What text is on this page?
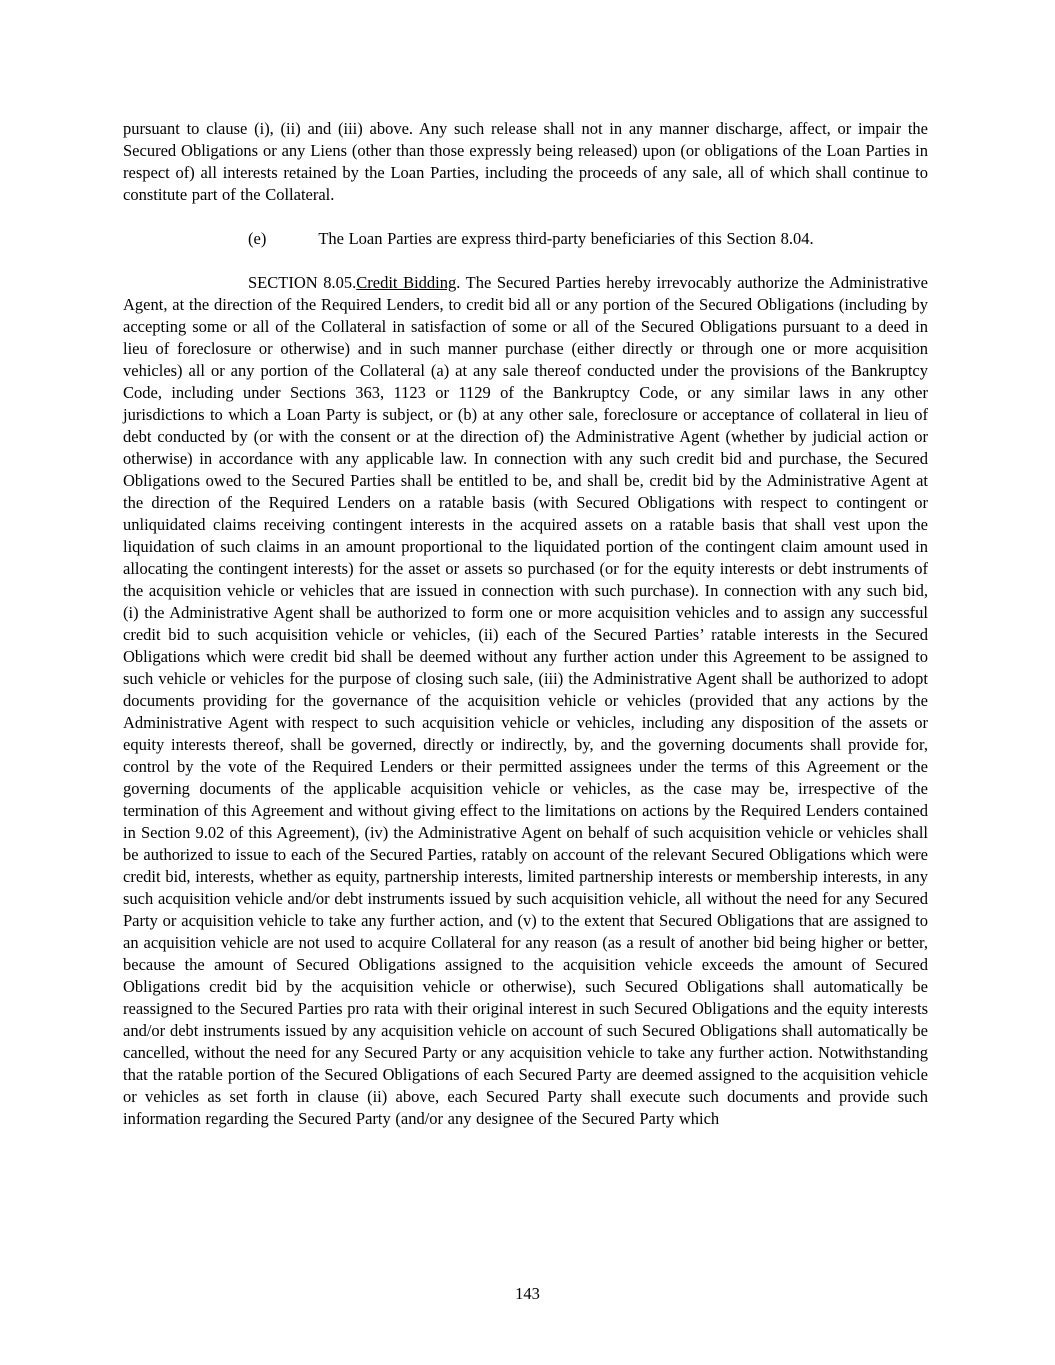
pursuant to clause (i), (ii) and (iii) above. Any such release shall not in any manner discharge, affect, or impair the Secured Obligations or any Liens (other than those expressly being released) upon (or obligations of the Loan Parties in respect of) all interests retained by the Loan Parties, including the proceeds of any sale, all of which shall continue to constitute part of the Collateral.

(e)	The Loan Parties are express third-party beneficiaries of this Section 8.04.

SECTION 8.05.Credit Bidding. The Secured Parties hereby irrevocably authorize the Administrative Agent, at the direction of the Required Lenders, to credit bid all or any portion of the Secured Obligations (including by accepting some or all of the Collateral in satisfaction of some or all of the Secured Obligations pursuant to a deed in lieu of foreclosure or otherwise) and in such manner purchase (either directly or through one or more acquisition vehicles) all or any portion of the Collateral (a) at any sale thereof conducted under the provisions of the Bankruptcy Code, including under Sections 363, 1123 or 1129 of the Bankruptcy Code, or any similar laws in any other jurisdictions to which a Loan Party is subject, or (b) at any other sale, foreclosure or acceptance of collateral in lieu of debt conducted by (or with the consent or at the direction of) the Administrative Agent (whether by judicial action or otherwise) in accordance with any applicable law. In connection with any such credit bid and purchase, the Secured Obligations owed to the Secured Parties shall be entitled to be, and shall be, credit bid by the Administrative Agent at the direction of the Required Lenders on a ratable basis (with Secured Obligations with respect to contingent or unliquidated claims receiving contingent interests in the acquired assets on a ratable basis that shall vest upon the liquidation of such claims in an amount proportional to the liquidated portion of the contingent claim amount used in allocating the contingent interests) for the asset or assets so purchased (or for the equity interests or debt instruments of the acquisition vehicle or vehicles that are issued in connection with such purchase). In connection with any such bid, (i) the Administrative Agent shall be authorized to form one or more acquisition vehicles and to assign any successful credit bid to such acquisition vehicle or vehicles, (ii) each of the Secured Parties’ ratable interests in the Secured Obligations which were credit bid shall be deemed without any further action under this Agreement to be assigned to such vehicle or vehicles for the purpose of closing such sale, (iii) the Administrative Agent shall be authorized to adopt documents providing for the governance of the acquisition vehicle or vehicles (provided that any actions by the Administrative Agent with respect to such acquisition vehicle or vehicles, including any disposition of the assets or equity interests thereof, shall be governed, directly or indirectly, by, and the governing documents shall provide for, control by the vote of the Required Lenders or their permitted assignees under the terms of this Agreement or the governing documents of the applicable acquisition vehicle or vehicles, as the case may be, irrespective of the termination of this Agreement and without giving effect to the limitations on actions by the Required Lenders contained in Section 9.02 of this Agreement), (iv) the Administrative Agent on behalf of such acquisition vehicle or vehicles shall be authorized to issue to each of the Secured Parties, ratably on account of the relevant Secured Obligations which were credit bid, interests, whether as equity, partnership interests, limited partnership interests or membership interests, in any such acquisition vehicle and/or debt instruments issued by such acquisition vehicle, all without the need for any Secured Party or acquisition vehicle to take any further action, and (v) to the extent that Secured Obligations that are assigned to an acquisition vehicle are not used to acquire Collateral for any reason (as a result of another bid being higher or better, because the amount of Secured Obligations assigned to the acquisition vehicle exceeds the amount of Secured Obligations credit bid by the acquisition vehicle or otherwise), such Secured Obligations shall automatically be reassigned to the Secured Parties pro rata with their original interest in such Secured Obligations and the equity interests and/or debt instruments issued by any acquisition vehicle on account of such Secured Obligations shall automatically be cancelled, without the need for any Secured Party or any acquisition vehicle to take any further action. Notwithstanding that the ratable portion of the Secured Obligations of each Secured Party are deemed assigned to the acquisition vehicle or vehicles as set forth in clause (ii) above, each Secured Party shall execute such documents and provide such information regarding the Secured Party (and/or any designee of the Secured Party which

143
